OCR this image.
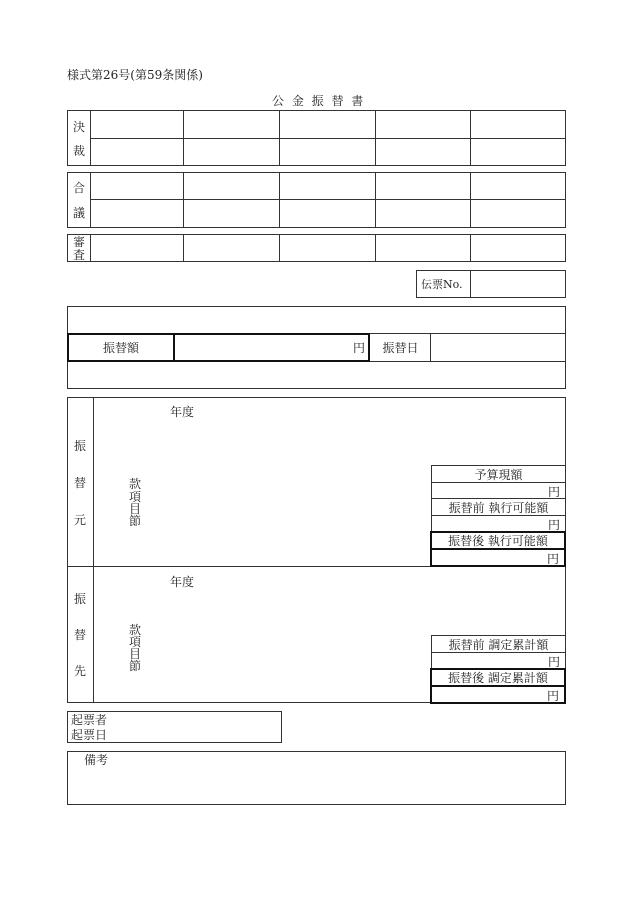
様式第26号(第59条関係)
公 金 振 替 書
決
裁
合
議
審
査
伝票No.
振替額	円	振替日
振
替
元
年度
款
項
目
節
予算現額
円
振替前 執行可能額
円
振替後 執行可能額
円
振
替
先
年度
款
項
目
節
振替前 調定累計額
円
振替後 調定累計額
円
起票者
起票日
備考
